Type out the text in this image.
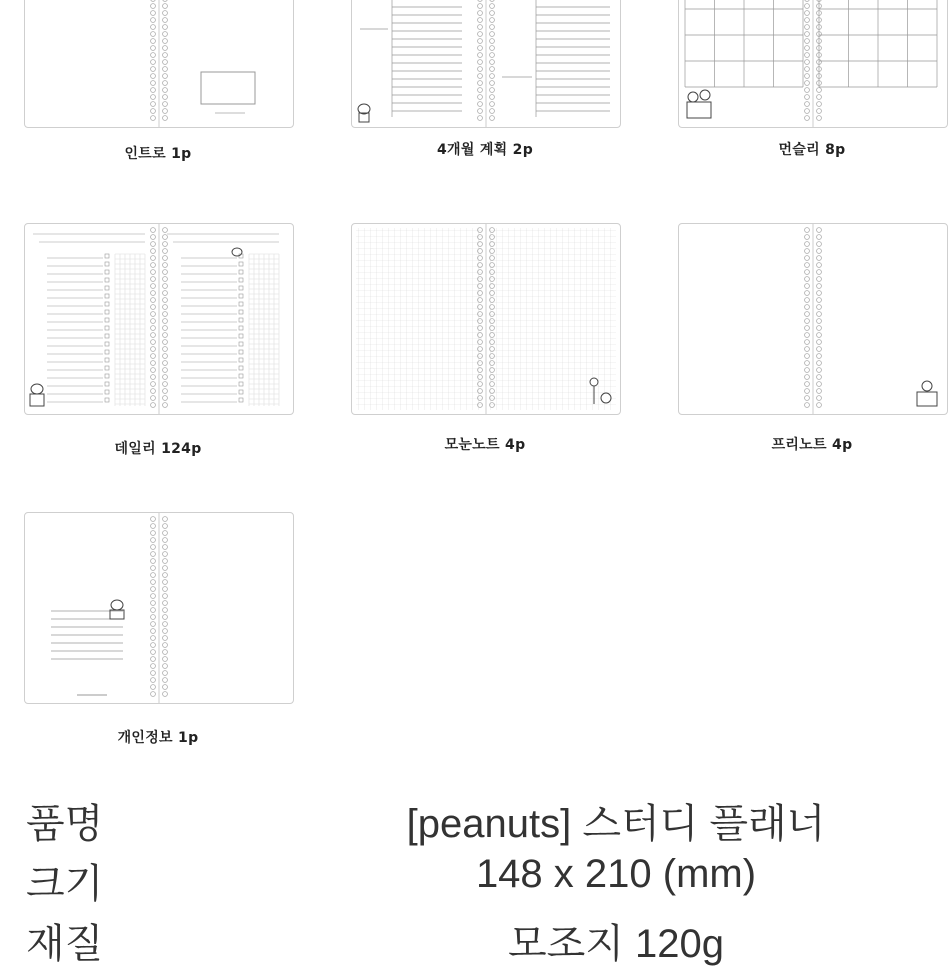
인트로 1p	4개월 계획 2p	먼슬리 8p
데일리 124p	모눈노트 4p	프리노트 4p
개인정보 1p
품명	[peanuts] 스터디 플래너
크기	148 x 210 (mm)
재질	모조지 120g
